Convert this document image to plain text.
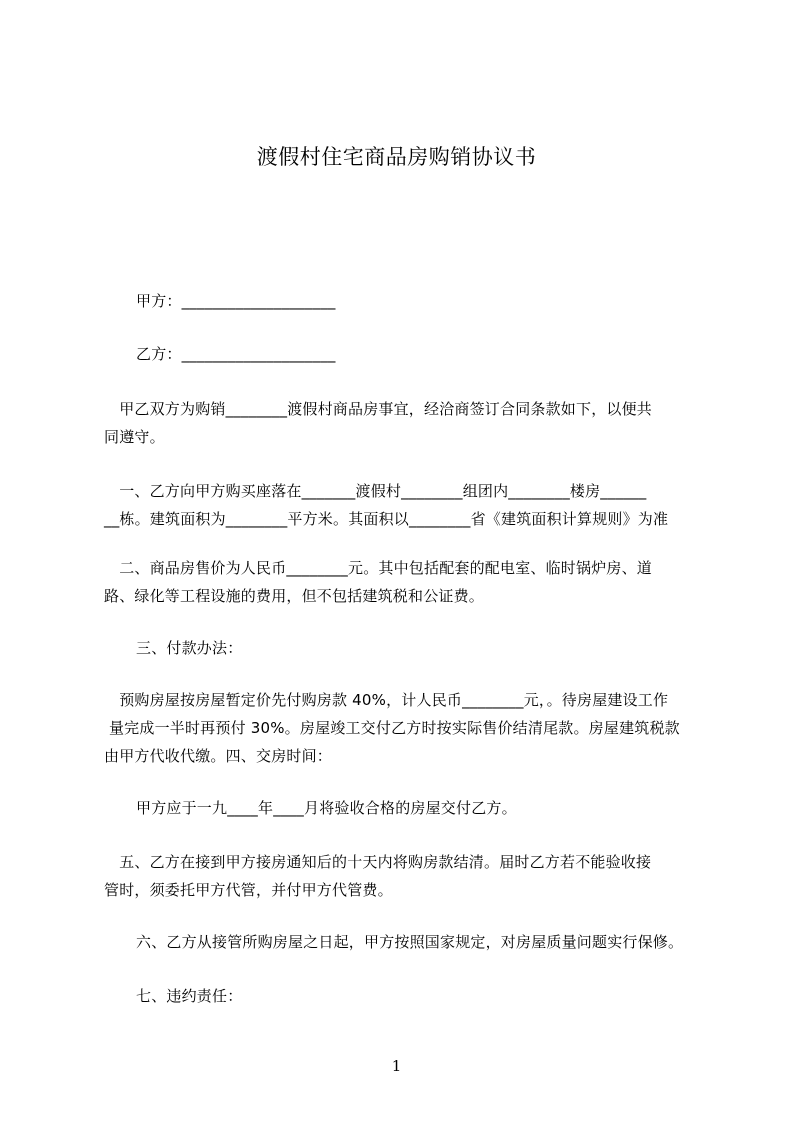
渡假村住宅商品房购销协议书
甲方：____________________
乙方：____________________
　甲乙双方为购销________渡假村商品房事宜，经洽商签订合同条款如下，以便共
同遵守。
　一、乙方向甲方购买座落在_______渡假村________组团内________楼房______
__栋。建筑面积为________平方米。其面积以________省《建筑面积计算规则》为准
　二、商品房售价为人民币________元。其中包括配套的配电室、临时锅炉房、道
路、绿化等工程设施的费用，但不包括建筑税和公证费。
三、付款办法：
　预购房屋按房屋暂定价先付购房款 40%，计人民币________元，。待房屋建设工作
量完成一半时再预付 30%。房屋竣工交付乙方时按实际售价结清尾款。房屋建筑税款
由甲方代收代缴。四、交房时间：
甲方应于一九____年____月将验收合格的房屋交付乙方。
　五、乙方在接到甲方接房通知后的十天内将购房款结清。届时乙方若不能验收接
管时，须委托甲方代管，并付甲方代管费。
六、乙方从接管所购房屋之日起，甲方按照国家规定，对房屋质量问题实行保修。
七、违约责任：
1
